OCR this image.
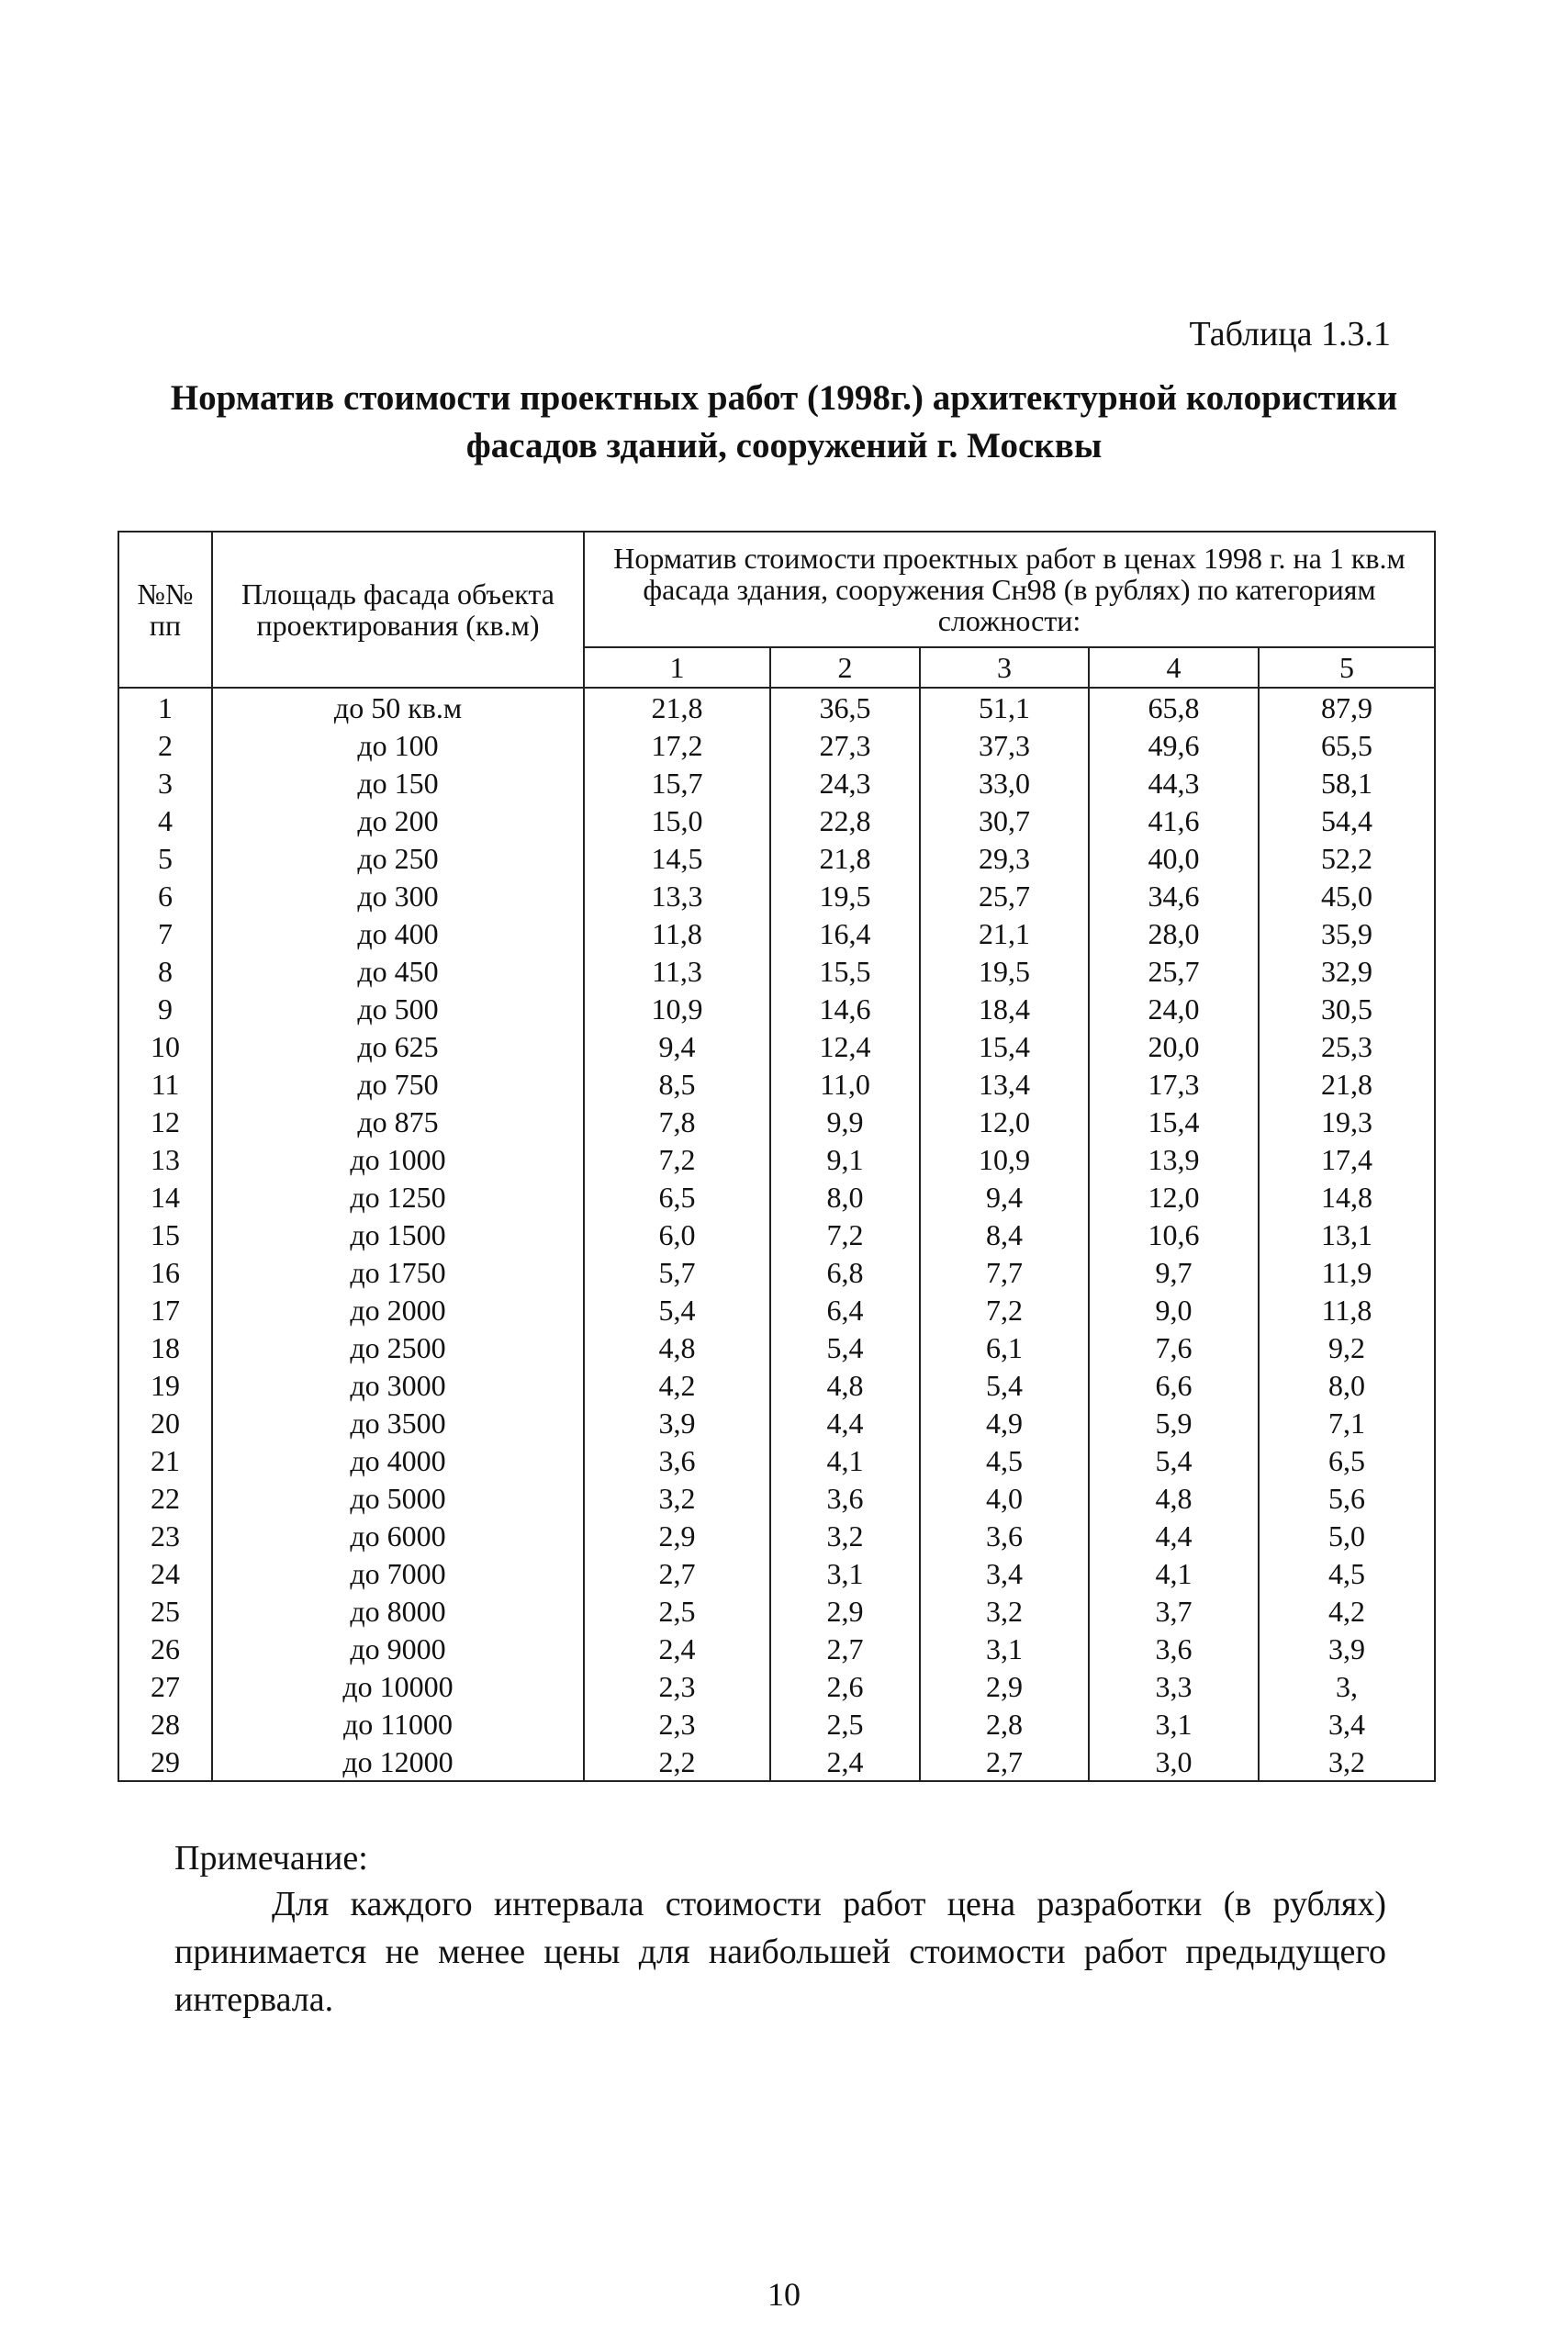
Таблица 1.3.1
Норматив стоимости проектных работ (1998г.) архитектурной колористики фасадов зданий, сооружений г. Москвы
№№ пп	Площадь фасада объекта проектирования (кв.м)	Норматив стоимости проектных работ в ценах 1998 г. на 1 кв.м фасада здания, сооружения Сн98 (в рублях) по категориям сложности:				
		1	2	3	4	5
1	до 50 кв.м	21,8	36,5	51,1	65,8	87,9
2	до 100	17,2	27,3	37,3	49,6	65,5
3	до 150	15,7	24,3	33,0	44,3	58,1
4	до 200	15,0	22,8	30,7	41,6	54,4
5	до 250	14,5	21,8	29,3	40,0	52,2
6	до 300	13,3	19,5	25,7	34,6	45,0
7	до 400	11,8	16,4	21,1	28,0	35,9
8	до 450	11,3	15,5	19,5	25,7	32,9
9	до 500	10,9	14,6	18,4	24,0	30,5
10	до 625	9,4	12,4	15,4	20,0	25,3
11	до 750	8,5	11,0	13,4	17,3	21,8
12	до 875	7,8	9,9	12,0	15,4	19,3
13	до 1000	7,2	9,1	10,9	13,9	17,4
14	до 1250	6,5	8,0	9,4	12,0	14,8
15	до 1500	6,0	7,2	8,4	10,6	13,1
16	до 1750	5,7	6,8	7,7	9,7	11,9
17	до 2000	5,4	6,4	7,2	9,0	11,8
18	до 2500	4,8	5,4	6,1	7,6	9,2
19	до 3000	4,2	4,8	5,4	6,6	8,0
20	до 3500	3,9	4,4	4,9	5,9	7,1
21	до 4000	3,6	4,1	4,5	5,4	6,5
22	до 5000	3,2	3,6	4,0	4,8	5,6
23	до 6000	2,9	3,2	3,6	4,4	5,0
24	до 7000	2,7	3,1	3,4	4,1	4,5
25	до 8000	2,5	2,9	3,2	3,7	4,2
26	до 9000	2,4	2,7	3,1	3,6	3,9
27	до 10000	2,3	2,6	2,9	3,3	3,
28	до 11000	2,3	2,5	2,8	3,1	3,4
29	до 12000	2,2	2,4	2,7	3,0	3,2
Примечание:
Для каждого интервала стоимости работ цена разработки (в рублях) принимается не менее цены для наибольшей стоимости работ предыдущего интервала.
10
